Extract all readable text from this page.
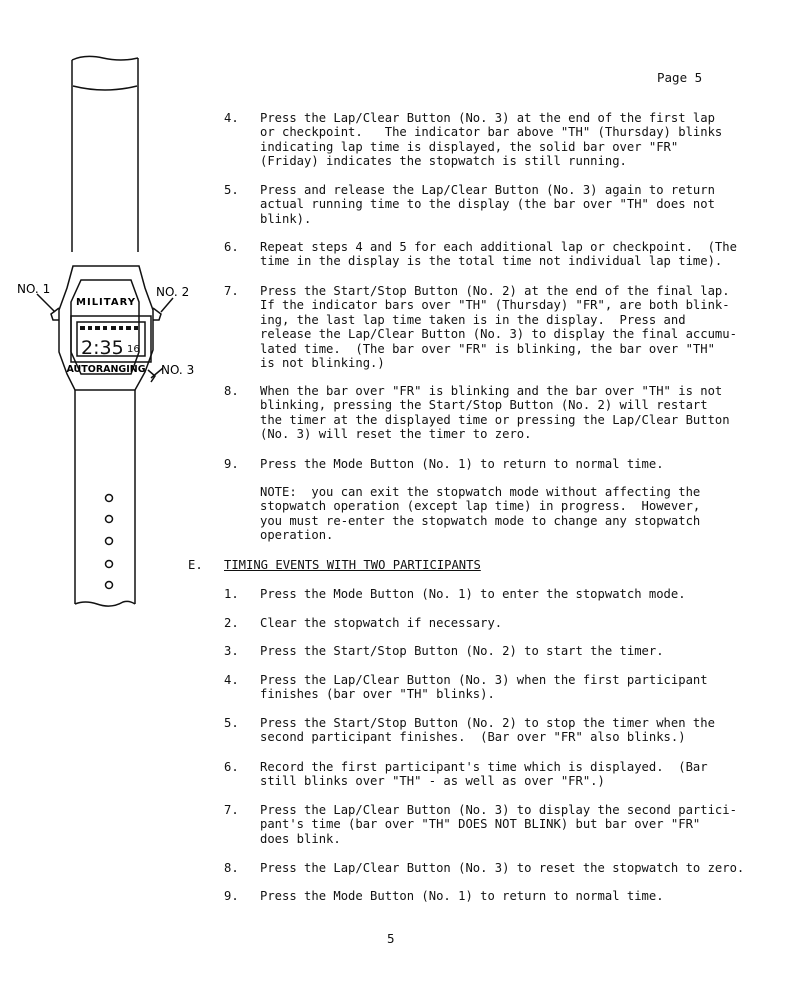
Page 5
MILITARY
2:35 16
AUTORANGING
NO. 1	NO. 2
NO. 3
4.	Press the Lap/Clear Button (No. 3) at the end of the first lap
or checkpoint.   The indicator bar above "TH" (Thursday) blinks
indicating lap time is displayed, the solid bar over "FR"
(Friday) indicates the stopwatch is still running.
5.	Press and release the Lap/Clear Button (No. 3) again to return
actual running time to the display (the bar over "TH" does not
blink).
6.	Repeat steps 4 and 5 for each additional lap or checkpoint.  (The
time in the display is the total time not individual lap time).
7.	Press the Start/Stop Button (No. 2) at the end of the final lap.
If the indicator bars over "TH" (Thursday) "FR", are both blink-
ing, the last lap time taken is in the display.  Press and
release the Lap/Clear Button (No. 3) to display the final accumu-
lated time.  (The bar over "FR" is blinking, the bar over "TH"
is not blinking.)
8.	When the bar over "FR" is blinking and the bar over "TH" is not
blinking, pressing the Start/Stop Button (No. 2) will restart
the timer at the displayed time or pressing the Lap/Clear Button
(No. 3) will reset the timer to zero.
9.	Press the Mode Button (No. 1) to return to normal time.
NOTE:  you can exit the stopwatch mode without affecting the
stopwatch operation (except lap time) in progress.  However,
you must re-enter the stopwatch mode to change any stopwatch
operation.
E. TIMING EVENTS WITH TWO PARTICIPANTS
1.	Press the Mode Button (No. 1) to enter the stopwatch mode.
2.	Clear the stopwatch if necessary.
3.	Press the Start/Stop Button (No. 2) to start the timer.
4.	Press the Lap/Clear Button (No. 3) when the first participant
finishes (bar over "TH" blinks).
5.	Press the Start/Stop Button (No. 2) to stop the timer when the
second participant finishes.  (Bar over "FR" also blinks.)
6.	Record the first participant's time which is displayed.  (Bar
still blinks over "TH" - as well as over "FR".)
7.	Press the Lap/Clear Button (No. 3) to display the second partici-
pant's time (bar over "TH" DOES NOT BLINK) but bar over "FR"
does blink.
8.	Press the Lap/Clear Button (No. 3) to reset the stopwatch to zero.
9.	Press the Mode Button (No. 1) to return to normal time.
5
